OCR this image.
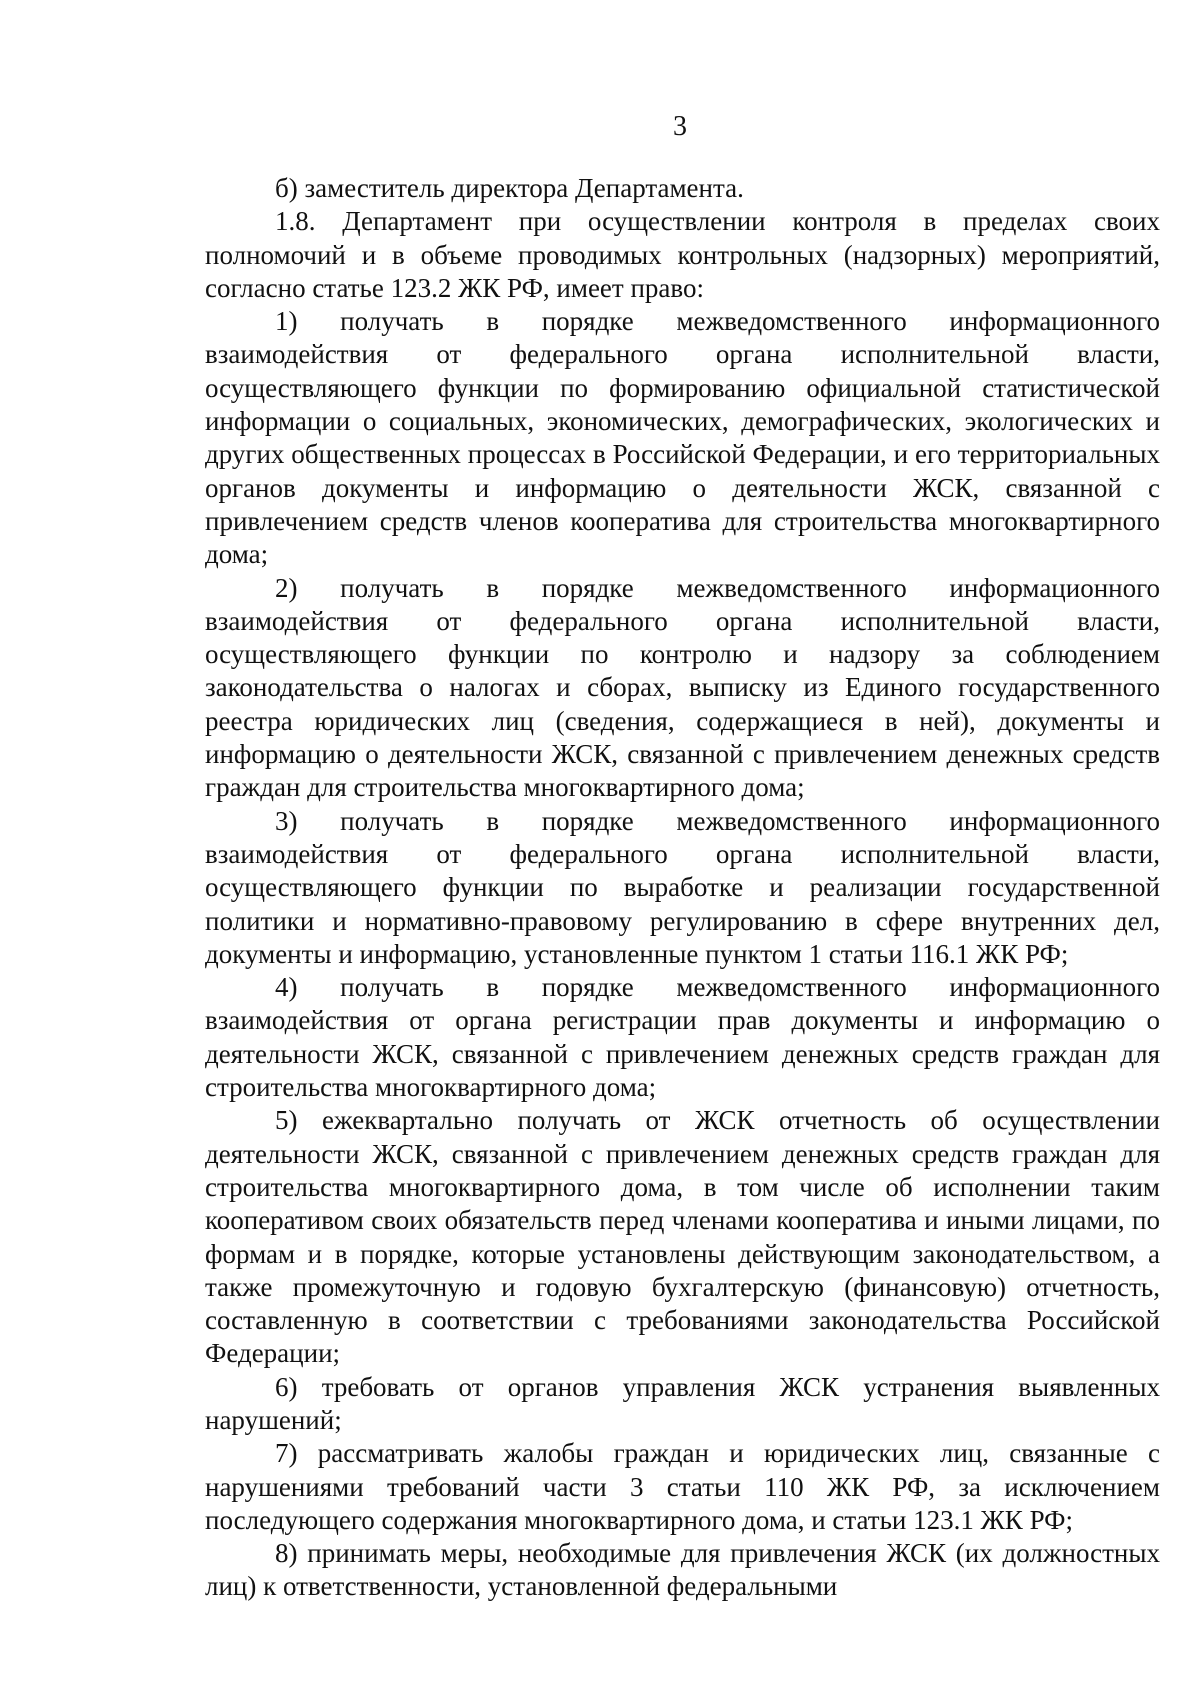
3

б) заместитель директора Департамента.

1.8. Департамент при осуществлении контроля в пределах своих полномочий и в объеме проводимых контрольных (надзорных) мероприятий, согласно статье 123.2 ЖК РФ, имеет право:

1) получать в порядке межведомственного информационного взаимодействия от федерального органа исполнительной власти, осуществляющего функции по формированию официальной статистической информации о социальных, экономических, демографических, экологических и других общественных процессах в Российской Федерации, и его территориальных органов документы и информацию о деятельности ЖСК, связанной с привлечением средств членов кооператива для строительства многоквартирного дома;

2) получать в порядке межведомственного информационного взаимодействия от федерального органа исполнительной власти, осуществляющего функции по контролю и надзору за соблюдением законодательства о налогах и сборах, выписку из Единого государственного реестра юридических лиц (сведения, содержащиеся в ней), документы и информацию о деятельности ЖСК, связанной с привлечением денежных средств граждан для строительства многоквартирного дома;

3) получать в порядке межведомственного информационного взаимодействия от федерального органа исполнительной власти, осуществляющего функции по выработке и реализации государственной политики и нормативно-правовому регулированию в сфере внутренних дел, документы и информацию, установленные пунктом 1 статьи 116.1 ЖК РФ;

4) получать в порядке межведомственного информационного взаимодействия от органа регистрации прав документы и информацию о деятельности ЖСК, связанной с привлечением денежных средств граждан для строительства многоквартирного дома;

5) ежеквартально получать от ЖСК отчетность об осуществлении деятельности ЖСК, связанной с привлечением денежных средств граждан для строительства многоквартирного дома, в том числе об исполнении таким кооперативом своих обязательств перед членами кооператива и иными лицами, по формам и в порядке, которые установлены действующим законодательством, а также промежуточную и годовую бухгалтерскую (финансовую) отчетность, составленную в соответствии с требованиями законодательства Российской Федерации;

6) требовать от органов управления ЖСК устранения выявленных нарушений;

7) рассматривать жалобы граждан и юридических лиц, связанные с нарушениями требований части 3 статьи 110 ЖК РФ, за исключением последующего содержания многоквартирного дома, и статьи 123.1 ЖК РФ;

8) принимать меры, необходимые для привлечения ЖСК (их должностных лиц) к ответственности, установленной федеральными
